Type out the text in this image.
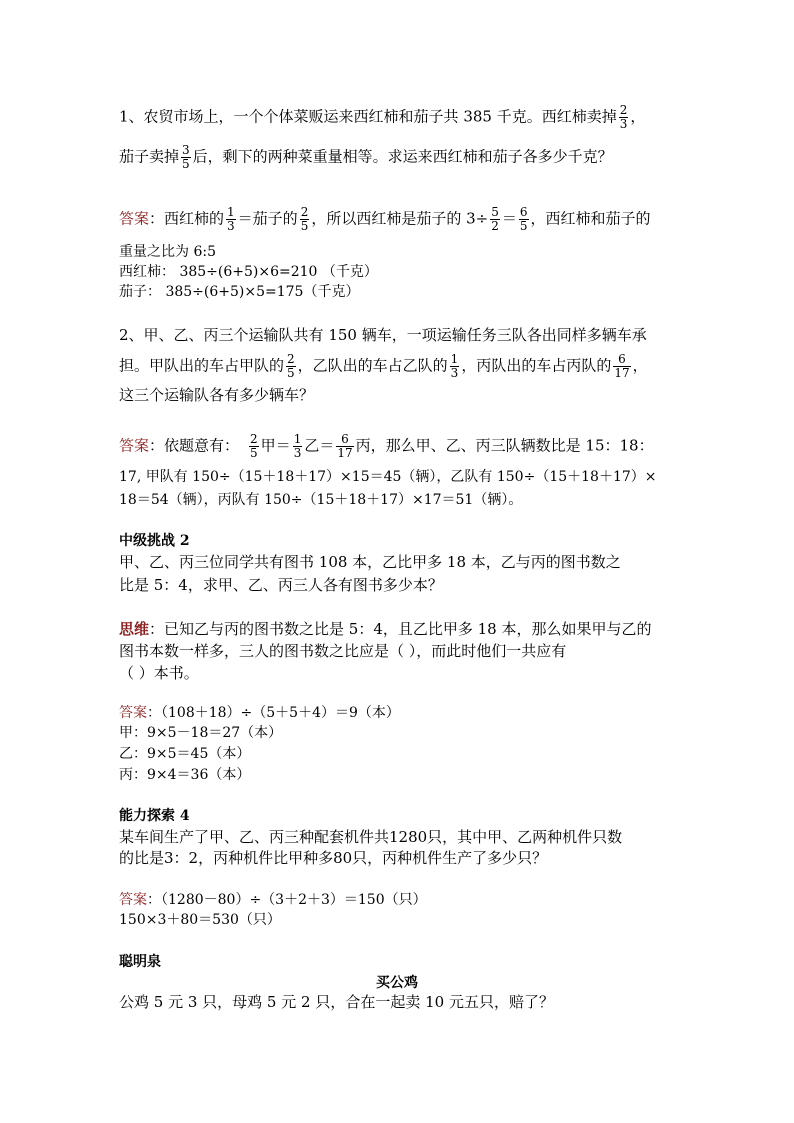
1、农贸市场上，一个个体菜贩运来西红柿和茄子共 385 千克。西红柿卖掉 $\frac{2}{3}$ ，
茄子卖掉 $\frac{3}{5}$ 后，剩下的两种菜重量相等。求运来西红柿和茄子各多少千克？
答案：西红柿的 $\frac{1}{3}$ ＝茄子的 $\frac{2}{5}$ ，所以西红柿是茄子的 $3\div \frac{5}{2} = \frac{6}{5}$ ，西红柿和茄子的
重量之比为 6:5
西红柿： 385÷(6+5)×6=210 （千克）
茄子： 385÷(6+5)×5=175（千克）
2、甲、乙、丙三个运输队共有 150 辆车，一项运输任务三队各出同样多辆车承
担。甲队出的车占甲队的 $\frac{2}{5}$ ，乙队出的车占乙队的 $\frac{1}{3}$ ，丙队出的车占丙队的 $\frac{6}{17}$ ，
这三个运输队各有多少辆车？
答案：依题意有： $\frac{2}{5}$ 甲＝ $\frac{1}{3}$ 乙＝ $\frac{6}{17}$ 丙，那么甲、乙、丙三队辆数比是 15：18：
17, 甲队有 150÷（15＋18＋17）×15＝45（辆），乙队有 150÷（15＋18＋17）×
18＝54（辆），丙队有 150÷（15＋18＋17）×17＝51（辆）。
中级挑战 2
甲、乙、丙三位同学共有图书 108 本，乙比甲多 18 本，乙与丙的图书数之
比是 5：4，求甲、乙、丙三人各有图书多少本？
思维：已知乙与丙的图书数之比是 5：4，且乙比甲多 18 本，那么如果甲与乙的
图书本数一样多，三人的图书数之比应是（ ），而此时他们一共应有
（ ）本书。
答案：（108＋18）÷（5＋5＋4）＝9（本）
甲：9×5－18＝27（本）
乙：9×5＝45（本）
丙：9×4＝36（本）
能力探索 4
某车间生产了甲、乙、丙三种配套机件共1280只，其中甲、乙两种机件只数
的比是3：2，丙种机件比甲种多80只，丙种机件生产了多少只？
答案：（1280－80）÷（3＋2＋3）＝150（只）
150×3＋80＝530（只）
聪明泉
买公鸡
公鸡 5 元 3 只，母鸡 5 元 2 只，合在一起卖 10 元五只，赔了？
